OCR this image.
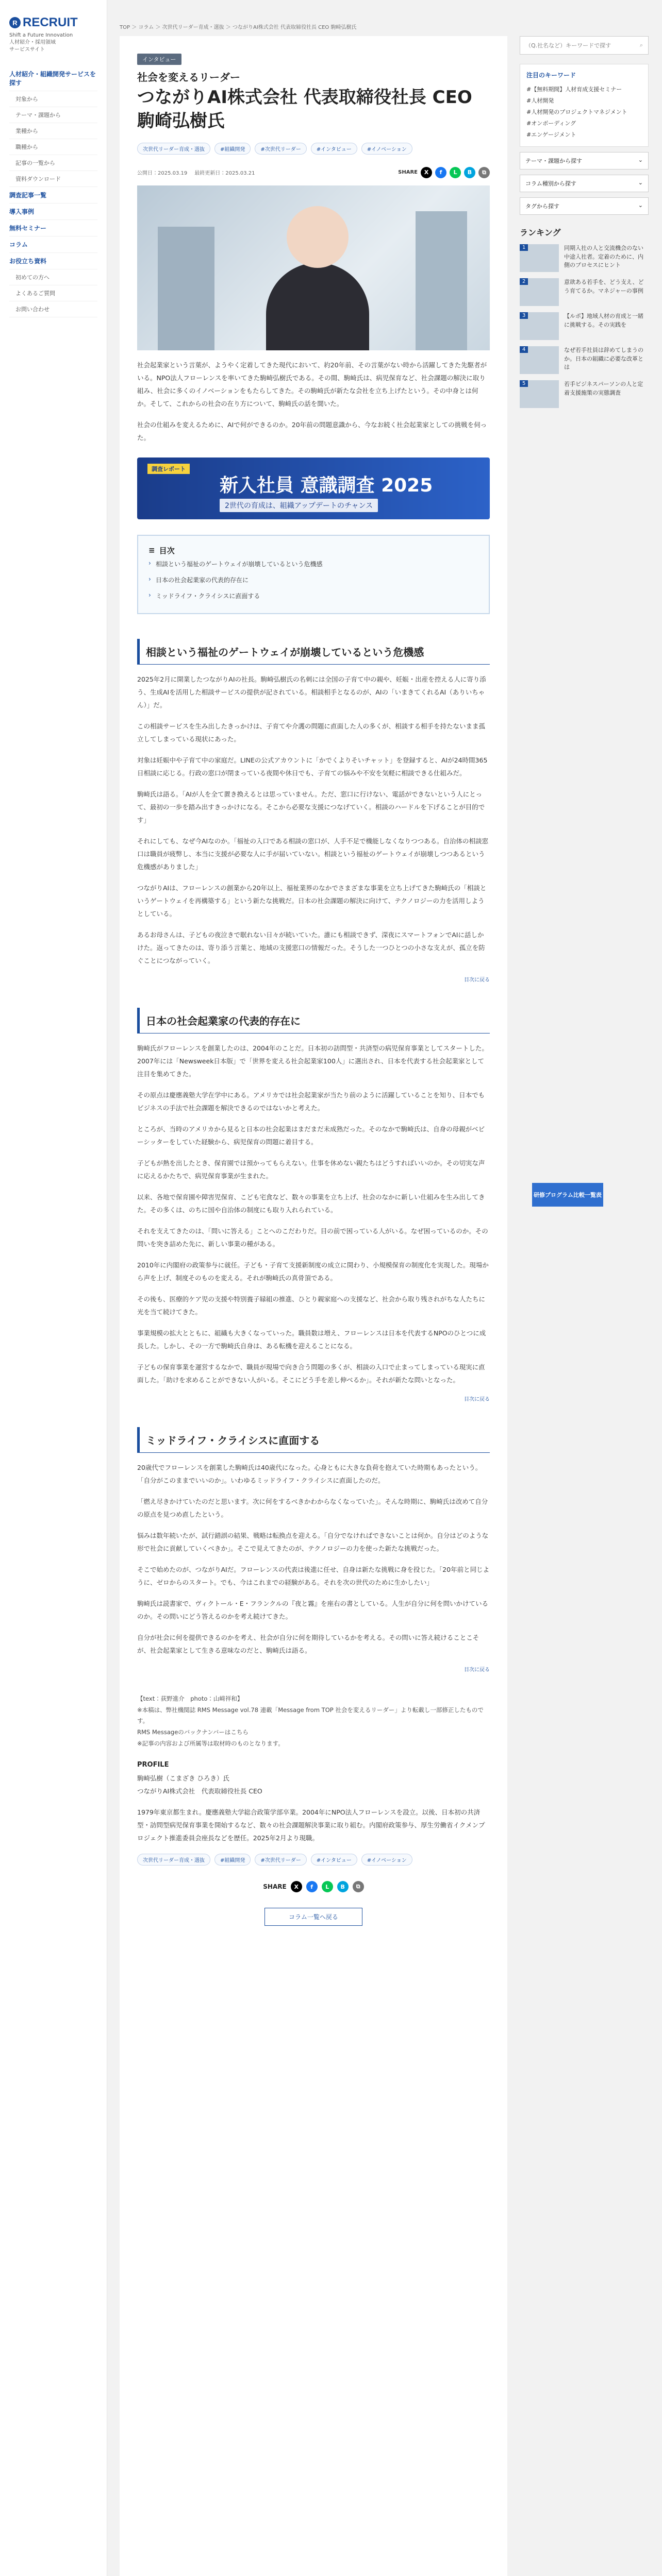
R RECRUIT
Shift a Future Innovation
人材紹介・採用領域
サービスサイト
人材紹介・組織開発サービスを探す
対象から
テーマ・課題から
業種から
職種から
記事の一覧から
資料ダウンロード
調査記事一覧
導入事例
無料セミナー
コラム
お役立ち資料
初めての方へ
よくあるご質問
お問い合わせ
TOP ＞ コラム ＞ 次世代リーダー育成・選抜 ＞ つながりAI株式会社 代表取締役社長 CEO 駒崎弘樹氏
インタビュー
社会を変えるリーダー
つながりAI株式会社 代表取締役社長 CEO 駒崎弘樹氏
次世代リーダー育成・選抜	#組織開発	#次世代リーダー	#インタビュー	#イノベーション
公開日：2025.03.19 最終更新日：2025.03.21	SHARE	X	f	L	B	⧉

社会起業家という言葉が、ようやく定着してきた現代において、約20年前、その言葉がない時から活躍してきた先駆者がいる。NPO法人フローレンスを率いてきた駒崎弘樹氏である。その間、駒崎氏は、病児保育など、社会課題の解決に取り組み、社会に多くのイノベーションをもたらしてきた。その駒崎氏が新たな会社を立ち上げたという。その中身とは何か。そして、これからの社会の在り方について、駒崎氏の話を聞いた。

社会の仕組みを変えるために、AIで何ができるのか。20年前の問題意識から、今なお続く社会起業家としての挑戦を伺った。

調査レポート
新入社員 意識調査 2025
2世代の育成は、組織アップデートのチャンス
≡ 目次
› 相談という福祉のゲートウェイが崩壊しているという危機感
› 日本の社会起業家の代表的存在に
› ミッドライフ・クライシスに直面する
相談という福祉のゲートウェイが崩壊しているという危機感

2025年2月に開業したつながりAIの社長。駒崎弘樹氏の名刺には全国の子育て中の親や、妊娠・出産を控える人に寄り添う、生成AIを活用した相談サービスの提供が記されている。相談相手となるのが、AIの「いまきてくれるAI（ありいちゃん）」だ。

この相談サービスを生み出したきっかけは、子育てや介護の問題に直面した人の多くが、相談する相手を持たないまま孤立してしまっている現状にあった。

対象は妊娠中や子育て中の家庭だ。LINEの公式アカウントに「かでくよりそいチャット」を登録すると、AIが24時間365日相談に応じる。行政の窓口が閉まっている夜間や休日でも、子育ての悩みや不安を気軽に相談できる仕組みだ。

駒崎氏は語る。「AIが人を全て置き換えるとは思っていません。ただ、窓口に行けない、電話ができないという人にとって、最初の一歩を踏み出すきっかけになる。そこから必要な支援につなげていく。相談のハードルを下げることが目的です」

それにしても、なぜ今AIなのか。「福祉の入口である相談の窓口が、人手不足で機能しなくなりつつある。自治体の相談窓口は職員が疲弊し、本当に支援が必要な人に手が届いていない。相談という福祉のゲートウェイが崩壊しつつあるという危機感がありました」

つながりAIは、フローレンスの創業から20年以上、福祉業界のなかでさまざまな事業を立ち上げてきた駒崎氏の「相談というゲートウェイを再構築する」という新たな挑戦だ。日本の社会課題の解決に向けて、テクノロジーの力を活用しようとしている。

あるお母さんは、子どもの夜泣きで眠れない日々が続いていた。誰にも相談できず、深夜にスマートフォンでAIに話しかけた。返ってきたのは、寄り添う言葉と、地域の支援窓口の情報だった。そうした一つひとつの小さな支えが、孤立を防ぐことにつながっていく。

目次に戻る
日本の社会起業家の代表的存在に

駒崎氏がフローレンスを創業したのは、2004年のことだ。日本初の訪問型・共済型の病児保育事業としてスタートした。2007年には「Newsweek日本版」で「世界を変える社会起業家100人」に選出され、日本を代表する社会起業家として注目を集めてきた。

その原点は慶應義塾大学在学中にある。アメリカでは社会起業家が当たり前のように活躍していることを知り、日本でもビジネスの手法で社会課題を解決できるのではないかと考えた。

ところが、当時のアメリカから見ると日本の社会起業はまだまだ未成熟だった。そのなかで駒崎氏は、自身の母親がベビーシッターをしていた経験から、病児保育の問題に着目する。

子どもが熱を出したとき、保育園では預かってもらえない。仕事を休めない親たちはどうすればいいのか。その切実な声に応えるかたちで、病児保育事業が生まれた。

以来、各地で保育園や障害児保育、こども宅食など、数々の事業を立ち上げ、社会のなかに新しい仕組みを生み出してきた。その多くは、のちに国や自治体の制度にも取り入れられている。

それを支えてきたのは、「問いに答える」ことへのこだわりだ。目の前で困っている人がいる。なぜ困っているのか。その問いを突き詰めた先に、新しい事業の種がある。

2010年に内閣府の政策参与に就任。子ども・子育て支援新制度の成立に関わり、小規模保育の制度化を実現した。現場から声を上げ、制度そのものを変える。それが駒崎氏の真骨頂である。

その後も、医療的ケア児の支援や特別養子縁組の推進、ひとり親家庭への支援など、社会から取り残されがちな人たちに光を当て続けてきた。

事業規模の拡大とともに、組織も大きくなっていった。職員数は増え、フローレンスは日本を代表するNPOのひとつに成長した。しかし、その一方で駒崎氏自身は、ある転機を迎えることになる。

子どもの保育事業を運営するなかで、職員が現場で向き合う問題の多くが、相談の入口で止まってしまっている現実に直面した。「助けを求めることができない人がいる。そこにどう手を差し伸べるか」。それが新たな問いとなった。

目次に戻る
ミッドライフ・クライシスに直面する

20歳代でフローレンスを創業した駒崎氏は40歳代になった。心身ともに大きな負荷を抱えていた時期もあったという。「自分がこのままでいいのか」。いわゆるミッドライフ・クライシスに直面したのだ。

「燃え尽きかけていたのだと思います。次に何をするべきかわからなくなっていた」。そんな時期に、駒崎氏は改めて自分の原点を見つめ直したという。

悩みは数年続いたが、試行錯誤の結果、戦略は転換点を迎える。「自分でなければできないことは何か。自分はどのような形で社会に貢献していくべきか」。そこで見えてきたのが、テクノロジーの力を使った新たな挑戦だった。

そこで始めたのが、つながりAIだ。フローレンスの代表は後進に任せ、自身は新たな挑戦に身を投じた。「20年前と同じように、ゼロからのスタート。でも、今はこれまでの経験がある。それを次の世代のために生かしたい」

駒崎氏は読書家で、ヴィクトール・E・フランクルの『夜と霧』を座右の書としている。人生が自分に何を問いかけているのか。その問いにどう答えるのかを考え続けてきた。

自分が社会に何を提供できるのかを考え、社会が自分に何を期待しているかを考える。その問いに答え続けることこそが、社会起業家として生きる意味なのだと、駒崎氏は語る。

目次に戻る
【text：荻野進介　photo：山﨑祥和】
※本稿は、弊社機関誌 RMS Message vol.78 連載「Message from TOP 社会を変えるリーダー」より転載し一部修正したものです。
RMS Messageのバックナンバーはこちら
※記事の内容および所属等は取材時のものとなります。
PROFILE
駒崎弘樹（こまざき ひろき）氏
つながりAI株式会社　代表取締役社長 CEO
1979年東京都生まれ。慶應義塾大学総合政策学部卒業。2004年にNPO法人フローレンスを設立。以後、日本初の共済型・訪問型病児保育事業を開始するなど、数々の社会課題解決事業に取り組む。内閣府政策参与、厚生労働省イクメンプロジェクト推進委員会座長などを歴任。2025年2月より現職。
次世代リーダー育成・選抜	#組織開発	#次世代リーダー	#インタビュー	#イノベーション
SHARE	X	f	L	B	⧉
コラム一覧へ戻る
（Q.社名など）キーワードで探す
⌕
注目のキーワード
#【無料期間】人材育成支援セミナー
#人材開発
#人材開発のプロジェクトマネジメント
#オンボーディング
#エンゲージメント
テーマ・課題から探す	⌄
コラム種別から探す	⌄
タグから探す	⌄
ランキング
1	同期入社の人と交流機会のない中途入社者。定着のために、内側のプロセスにヒント
2	意欲ある若手を、どう支え、どう育てるか。マネジャーの事例
3	【ルポ】地域人材の育成と一緒に挑戦する。その実践を
4	なぜ若手社員は辞めてしまうのか。日本の組織に必要な改革とは
5	若手ビジネスパーソンの人と定着支援施策の実態調査
研修プログラム比較一覧表
